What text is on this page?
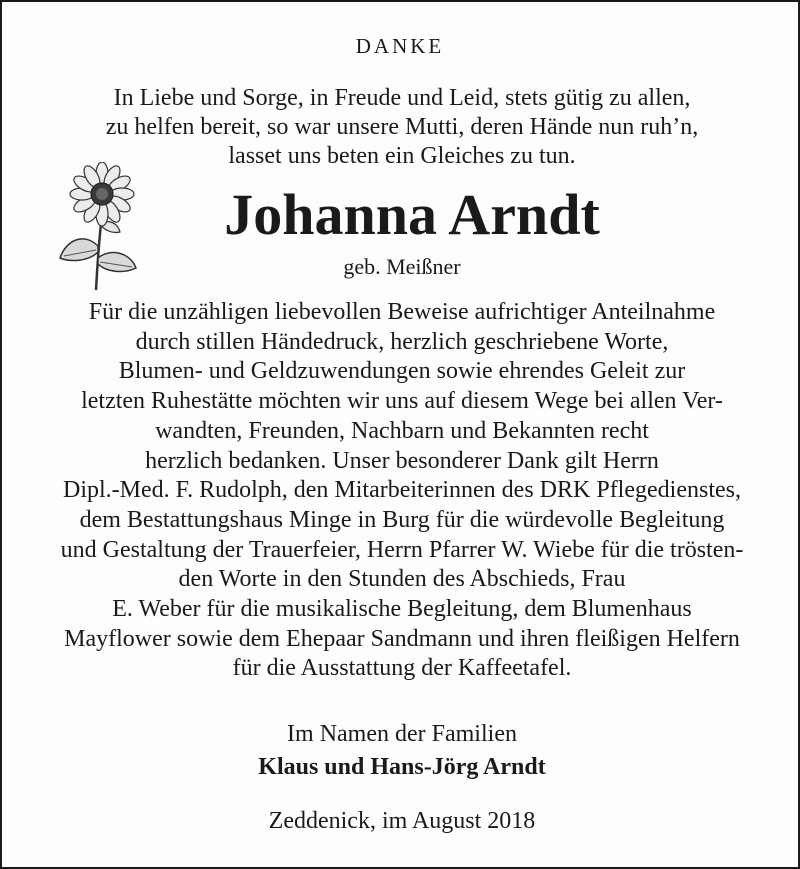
DANKE
In Liebe und Sorge, in Freude und Leid, stets gütig zu allen,
zu helfen bereit, so war unsere Mutti, deren Hände nun ruh’n,
lasset uns beten ein Gleiches zu tun.
Johanna Arndt
geb. Meißner
Für die unzähligen liebevollen Beweise aufrichtiger Anteilnahme
durch stillen Händedruck, herzlich geschriebene Worte,
Blumen- und Geldzuwendungen sowie ehrendes Geleit zur
letzten Ruhestätte möchten wir uns auf diesem Wege bei allen Ver-
wandten, Freunden, Nachbarn und Bekannten recht
herzlich bedanken. Unser besonderer Dank gilt Herrn
Dipl.-Med. F. Rudolph, den Mitarbeiterinnen des DRK Pflegedienstes,
dem Bestattungshaus Minge in Burg für die würdevolle Begleitung
und Gestaltung der Trauerfeier, Herrn Pfarrer W. Wiebe für die trösten-
den Worte in den Stunden des Abschieds, Frau
E. Weber für die musikalische Begleitung, dem Blumenhaus
Mayflower sowie dem Ehepaar Sandmann und ihren fleißigen Helfern
für die Ausstattung der Kaffeetafel.
Im Namen der Familien
Klaus und Hans-Jörg Arndt
Zeddenick, im August 2018
